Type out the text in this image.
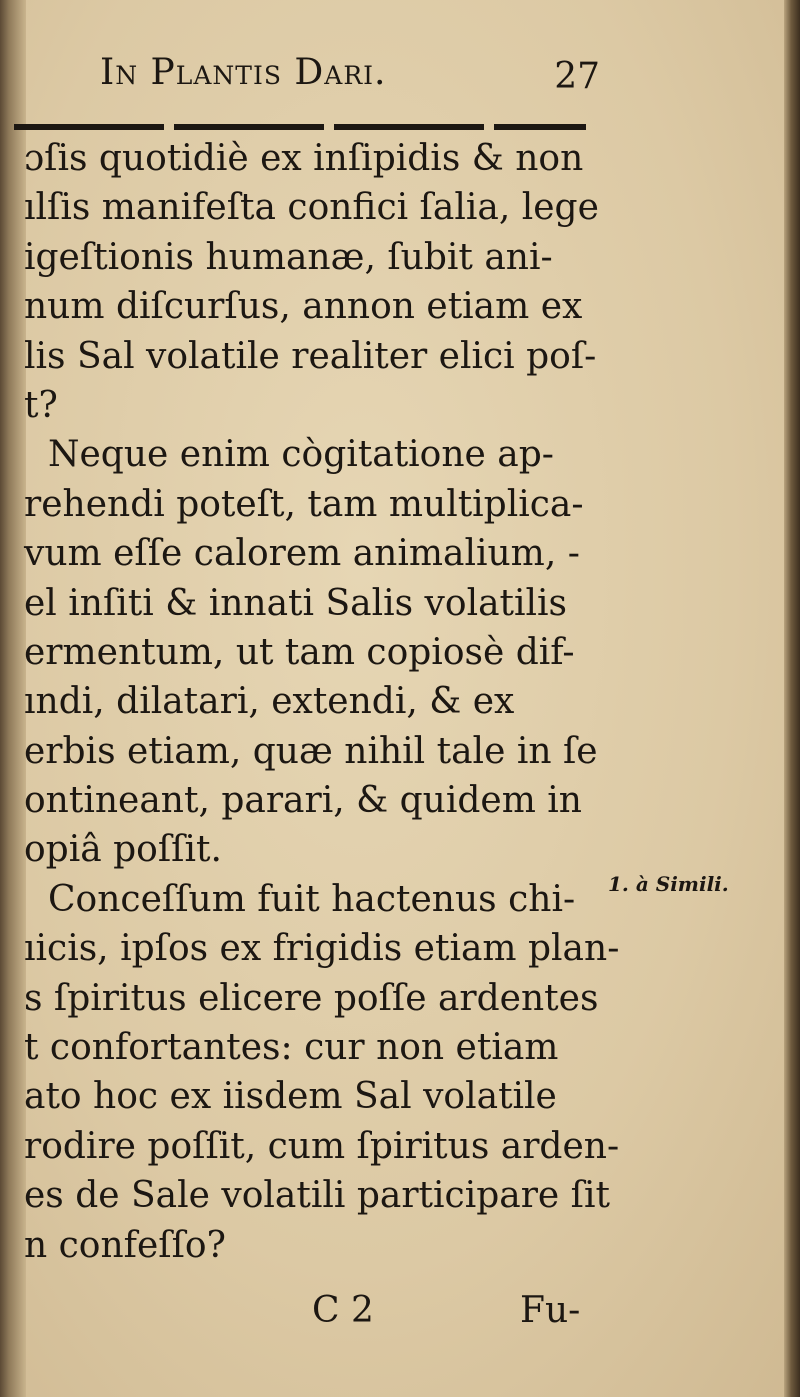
In Plantis Dari.	27
ɔſis quotidiè ex inſipidis & non
ılſis manifeſta confici ſalia, lege
igeſtionis humanæ, ſubit ani-
num diſcurſus, annon etiam ex
lis Sal volatile realiter elici poſ-
t?
Neque enim cògitatione ap-
rehendi poteſt, tam multiplica-
vum eſſe calorem animalium, -
el inſiti & innati Salis volatilis
ermentum, ut tam copiosè dif-
ındi, dilatari, extendi, & ex
erbis etiam, quæ nihil tale in ſe
ontineant, parari, & quidem in
opiâ poſſit.
Conceſſum fuit hactenus chi-
ıicis, ipſos ex frigidis etiam plan-
s ſpiritus elicere poſſe ardentes
t confortantes: cur non etiam
ato hoc ex iisdem Sal volatile
rodire poſſit, cum ſpiritus arden-
es de Sale volatili participare ſit
n confeſſo?
1. à Simili.
C 2	Fu-
